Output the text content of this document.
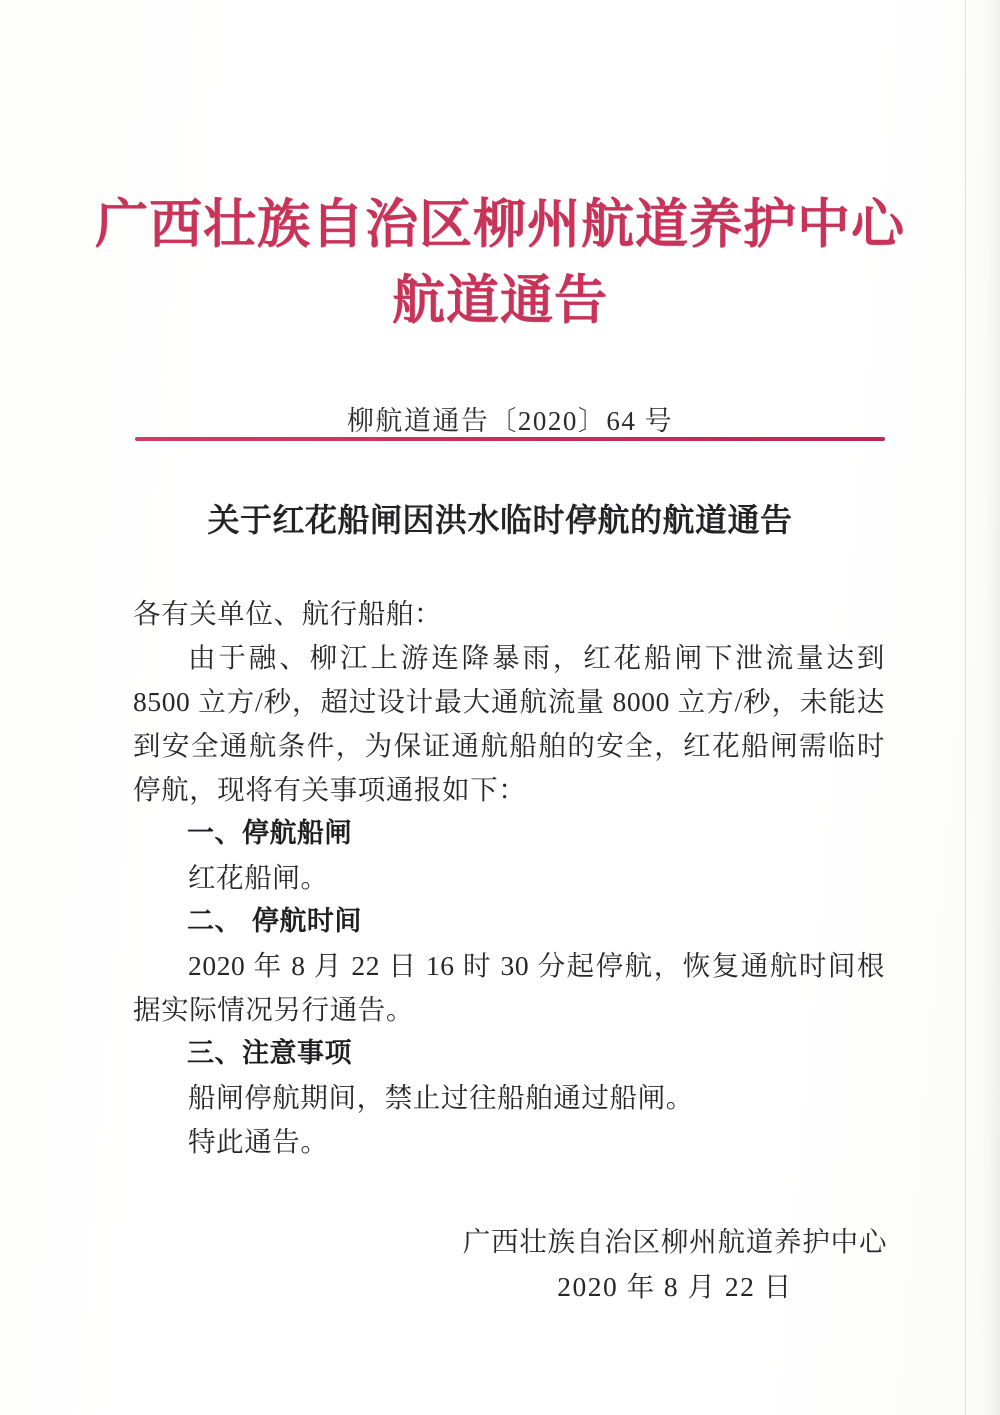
广西壮族自治区柳州航道养护中心
航道通告
柳航道通告〔2020〕64 号
关于红花船闸因洪水临时停航的航道通告

各有关单位、航行船舶：

由于融、柳江上游连降暴雨，红花船闸下泄流量达到 8500 立方/秒，超过设计最大通航流量 8000 立方/秒，未能达到安全通航条件，为保证通航船舶的安全，红花船闸需临时停航，现将有关事项通报如下：

一、停航船闸

红花船闸。

二、 停航时间

2020 年 8 月 22 日 16 时 30 分起停航，恢复通航时间根据实际情况另行通告。

三、注意事项

船闸停航期间，禁止过往船舶通过船闸。

特此通告。

广西壮族自治区柳州航道养护中心
2020 年 8 月 22 日
